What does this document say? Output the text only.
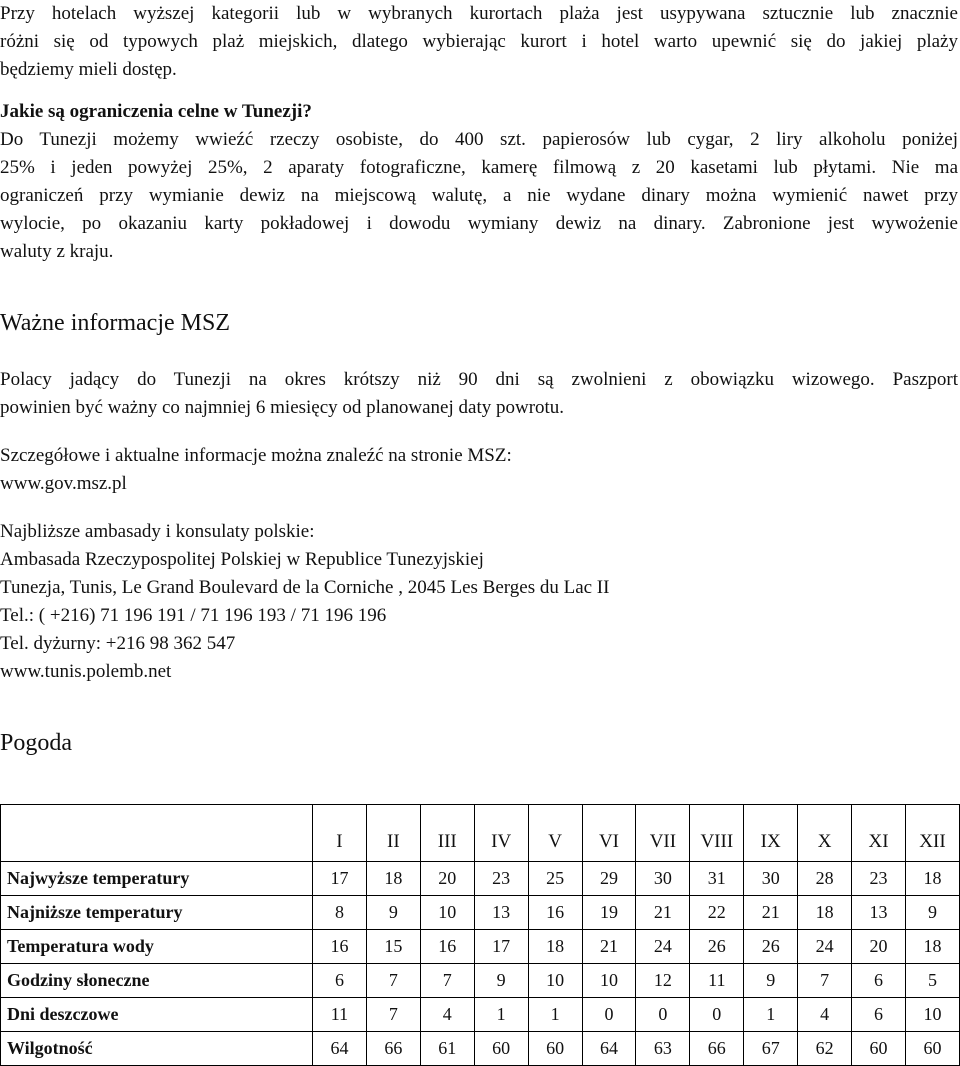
Przy hotelach wyższej kategorii lub w wybranych kurortach plaża jest usypywana sztucznie lub znacznie
różni się od typowych plaż miejskich, dlatego wybierając kurort i hotel warto upewnić się do jakiej plaży
będziemy mieli dostęp.
Jakie są ograniczenia celne w Tunezji?
Do Tunezji możemy wwieźć rzeczy osobiste, do 400 szt. papierosów lub cygar, 2 liry alkoholu poniżej
25% i jeden powyżej 25%, 2 aparaty fotograficzne, kamerę filmową z 20 kasetami lub płytami. Nie ma
ograniczeń przy wymianie dewiz na miejscową walutę, a nie wydane dinary można wymienić nawet przy
wylocie, po okazaniu karty pokładowej i dowodu wymiany dewiz na dinary. Zabronione jest wywożenie
waluty z kraju.
Ważne informacje MSZ
Polacy jadący do Tunezji na okres krótszy niż 90 dni są zwolnieni z obowiązku wizowego. Paszport
powinien być ważny co najmniej 6 miesięcy od planowanej daty powrotu.
Szczegółowe i aktualne informacje można znaleźć na stronie MSZ:
www.gov.msz.pl
Najbliższe ambasady i konsulaty polskie:
Ambasada Rzeczypospolitej Polskiej w Republice Tunezyjskiej
Tunezja, Tunis, Le Grand Boulevard de la Corniche , 2045 Les Berges du Lac II
Tel.: ( +216) 71 196 191 / 71 196 193 / 71 196 196
Tel. dyżurny: +216 98 362 547
www.tunis.polemb.net
Pogoda
	I	II	III	IV	V	VI	VII	VIII	IX	X	XI	XII
Najwyższe temperatury	17	18	20	23	25	29	30	31	30	28	23	18
Najniższe temperatury	8	9	10	13	16	19	21	22	21	18	13	9
Temperatura wody	16	15	16	17	18	21	24	26	26	24	20	18
Godziny słoneczne	6	7	7	9	10	10	12	11	9	7	6	5
Dni deszczowe	11	7	4	1	1	0	0	0	1	4	6	10
Wilgotność	64	66	61	60	60	64	63	66	67	62	60	60
